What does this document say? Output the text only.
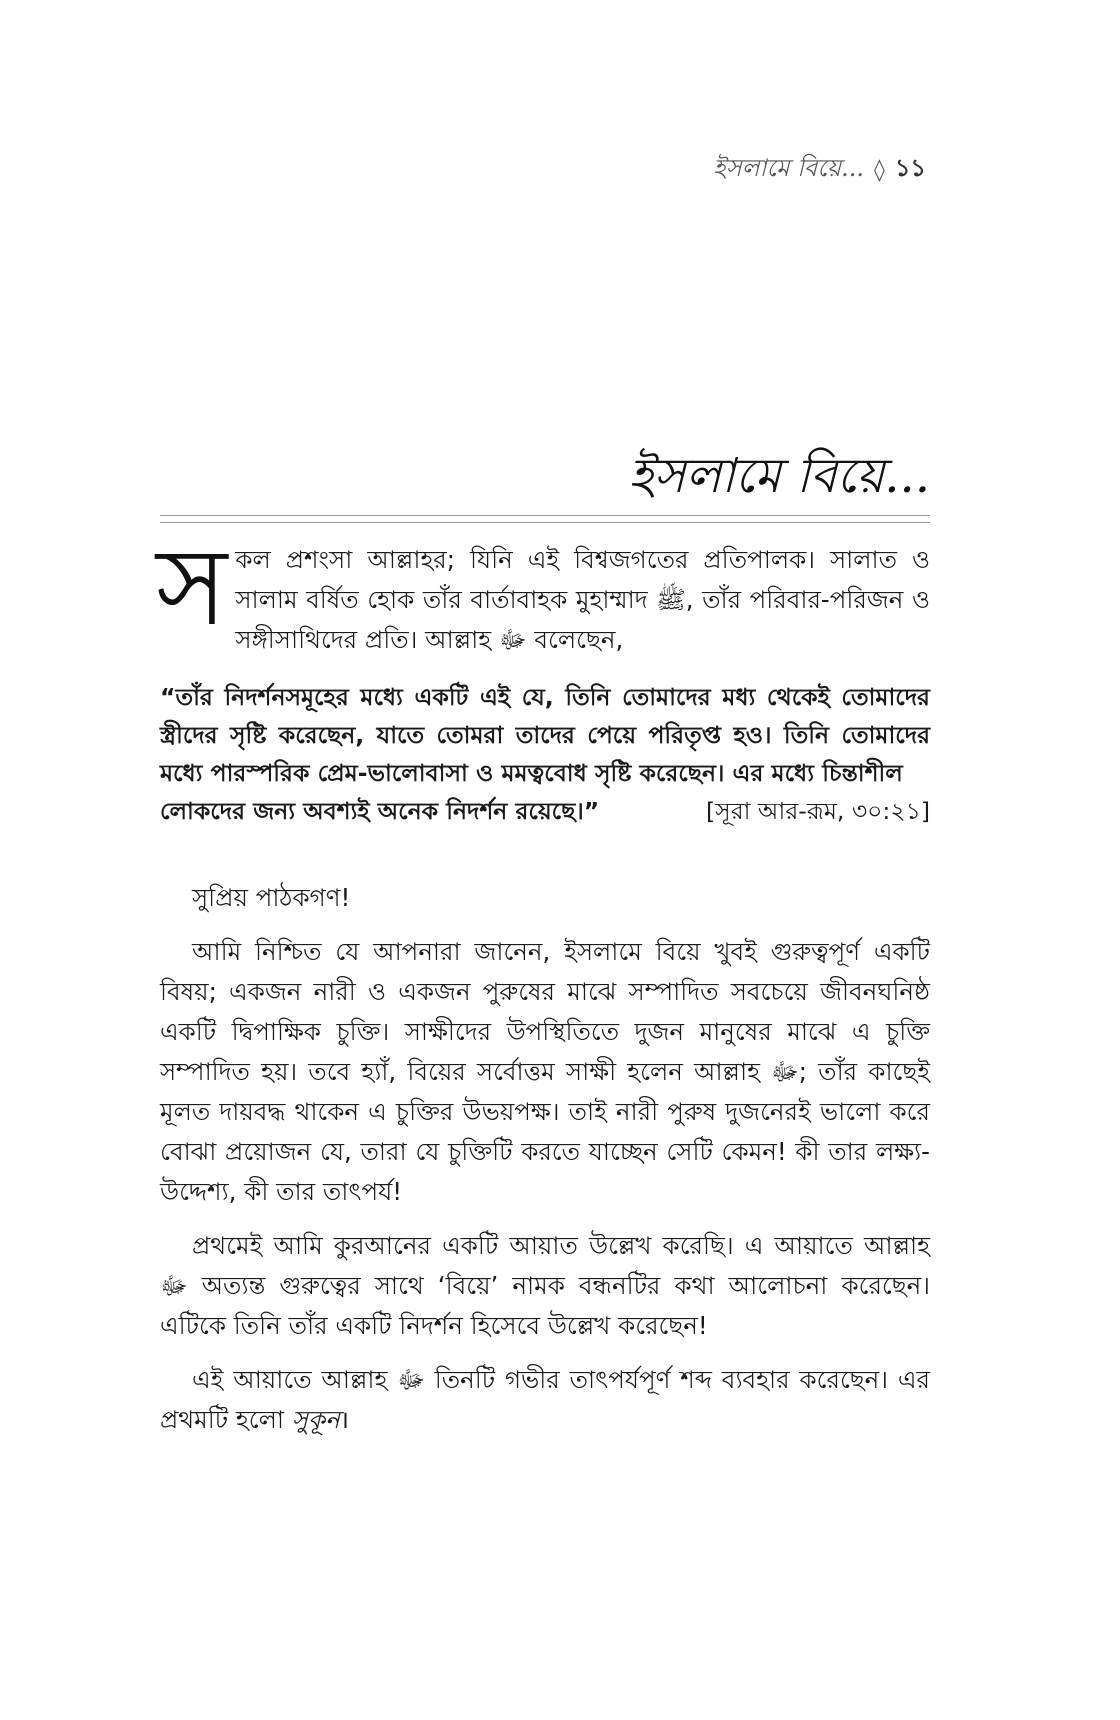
ইসলামে বিয়ে... ◊ ১১
ইসলামে বিয়ে...

সকল প্রশংসা আল্লাহর; যিনি এই বিশ্বজগতের প্রতিপালক। সালাত ও সালাম বর্ষিত হোক তাঁর বার্তাবাহক মুহাম্মাদ ﷺ, তাঁর পরিবার-পরিজন ও সঙ্গীসাথিদের প্রতি। আল্লাহ ﷻ বলেছেন,

“তাঁর নিদর্শনসমূহের মধ্যে একটি এই যে, তিনি তোমাদের মধ্য থেকেই তোমাদের স্ত্রীদের সৃষ্টি করেছেন, যাতে তোমরা তাদের পেয়ে পরিতৃপ্ত হও। তিনি তোমাদের মধ্যে পারস্পরিক প্রেম-ভালোবাসা ও মমত্ববোধ সৃষ্টি করেছেন। এর মধ্যে চিন্তাশীল
লোকদের জন্য অবশ্যই অনেক নিদর্শন রয়েছে।”	[সূরা আর-রূম, ৩০:২১]

সুপ্রিয় পাঠকগণ!

আমি নিশ্চিত যে আপনারা জানেন, ইসলামে বিয়ে খুবই গুরুত্বপূর্ণ একটি বিষয়; একজন নারী ও একজন পুরুষের মাঝে সম্পাদিত সবচেয়ে জীবনঘনিষ্ঠ একটি দ্বিপাক্ষিক চুক্তি। সাক্ষীদের উপস্থিতিতে দুজন মানুষের মাঝে এ চুক্তি সম্পাদিত হয়। তবে হ্যাঁ, বিয়ের সর্বোত্তম সাক্ষী হলেন আল্লাহ ﷻ; তাঁর কাছেই মূলত দায়বদ্ধ থাকেন এ চুক্তির উভয়পক্ষ। তাই নারী পুরুষ দুজনেরই ভালো করে বোঝা প্রয়োজন যে, তারা যে চুক্তিটি করতে যাচ্ছেন সেটি কেমন! কী তার লক্ষ্য-উদ্দেশ্য, কী তার তাৎপর্য!

প্রথমেই আমি কুরআনের একটি আয়াত উল্লেখ করেছি। এ আয়াতে আল্লাহ ﷻ অত্যন্ত গুরুত্বের সাথে ‘বিয়ে’ নামক বন্ধনটির কথা আলোচনা করেছেন। এটিকে তিনি তাঁর একটি নিদর্শন হিসেবে উল্লেখ করেছেন!

এই আয়াতে আল্লাহ ﷻ তিনটি গভীর তাৎপর্যপূর্ণ শব্দ ব্যবহার করেছেন। এর প্রথমটি হলো সুকূন।
